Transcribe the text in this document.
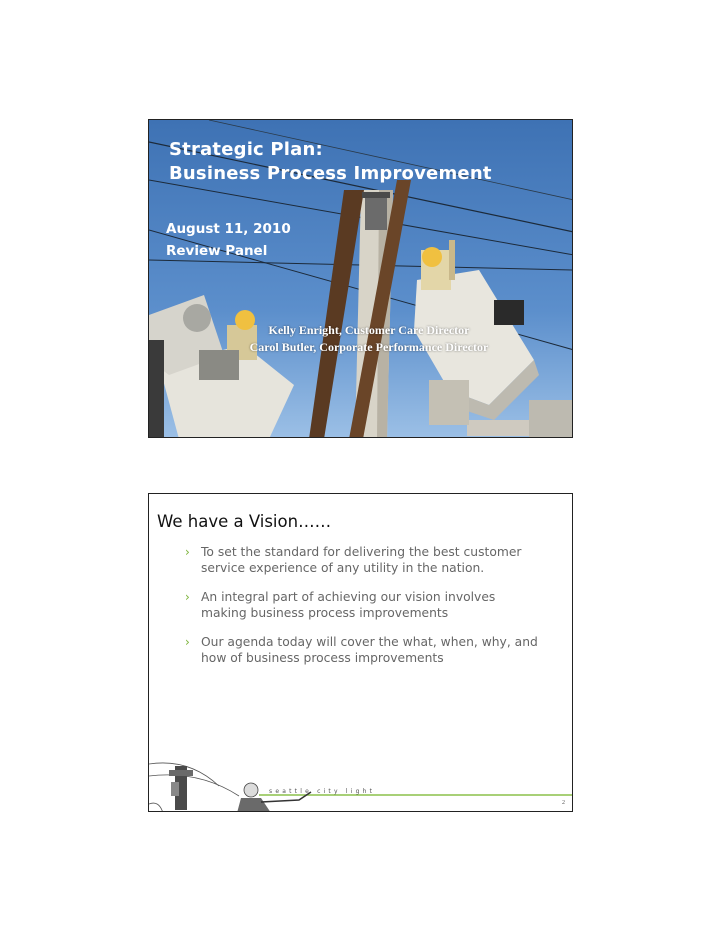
Strategic Plan:
Business Process Improvement

August 11, 2010
Review Panel

Kelly Enright, Customer Care Director
Carol Butler, Corporate Performance Director

We have a Vision……
› To set the standard for delivering the best customer service experience of any utility in the nation.
› An integral part of achieving our vision involves making business process improvements
› Our agenda today will cover the what, when, why, and how of business process improvements
seattle city light
2
